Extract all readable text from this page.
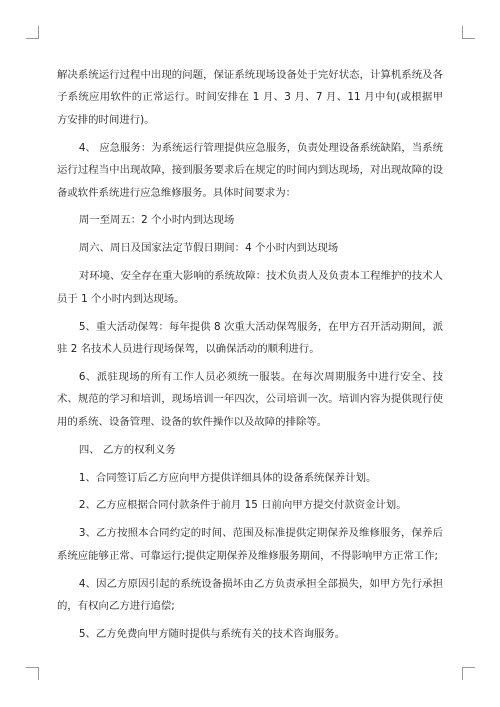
解决系统运行过程中出现的问题，保证系统现场设备处于完好状态，计算机系统及各子系统应用软件的正常运行。时间安排在 1 月、3 月、7 月、11 月中旬(或根据甲方安排的时间进行)。

4、 应急服务：为系统运行管理提供应急服务，负责处理设备系统缺陷，当系统运行过程当中出现故障，接到服务要求后在规定的时间内到达现场，对出现故障的设备或软件系统进行应急维修服务。具体时间要求为：

周一至周五：2 个小时内到达现场

周六、周日及国家法定节假日期间：4 个小时内到达现场

对环境、安全存在重大影响的系统故障：技术负责人及负责本工程维护的技术人员于 1 个小时内到达现场。

5、重大活动保驾：每年提供 8 次重大活动保驾服务，在甲方召开活动期间，派驻 2 名技术人员进行现场保驾，以确保活动的顺利进行。

6、派驻现场的所有工作人员必须统一服装。在每次周期服务中进行安全、技术、规范的学习和培训，现场培训一年四次，公司培训一次。培训内容为提供现行使用的系统、设备管理、设备的软件操作以及故障的排除等。

四、 乙方的权利义务

1、合同签订后乙方应向甲方提供详细具体的设备系统保养计划。

2、乙方应根据合同付款条件于前月 15 日前向甲方提交付款资金计划。

3、乙方按照本合同约定的时间、范围及标准提供定期保养及维修服务，保养后系统应能够正常、可靠运行;提供定期保养及维修服务期间，不得影响甲方正常工作;

4、因乙方原因引起的系统设备损坏由乙方负责承担全部损失，如甲方先行承担的，有权向乙方进行追偿;

5、乙方免费向甲方随时提供与系统有关的技术咨询服务。
